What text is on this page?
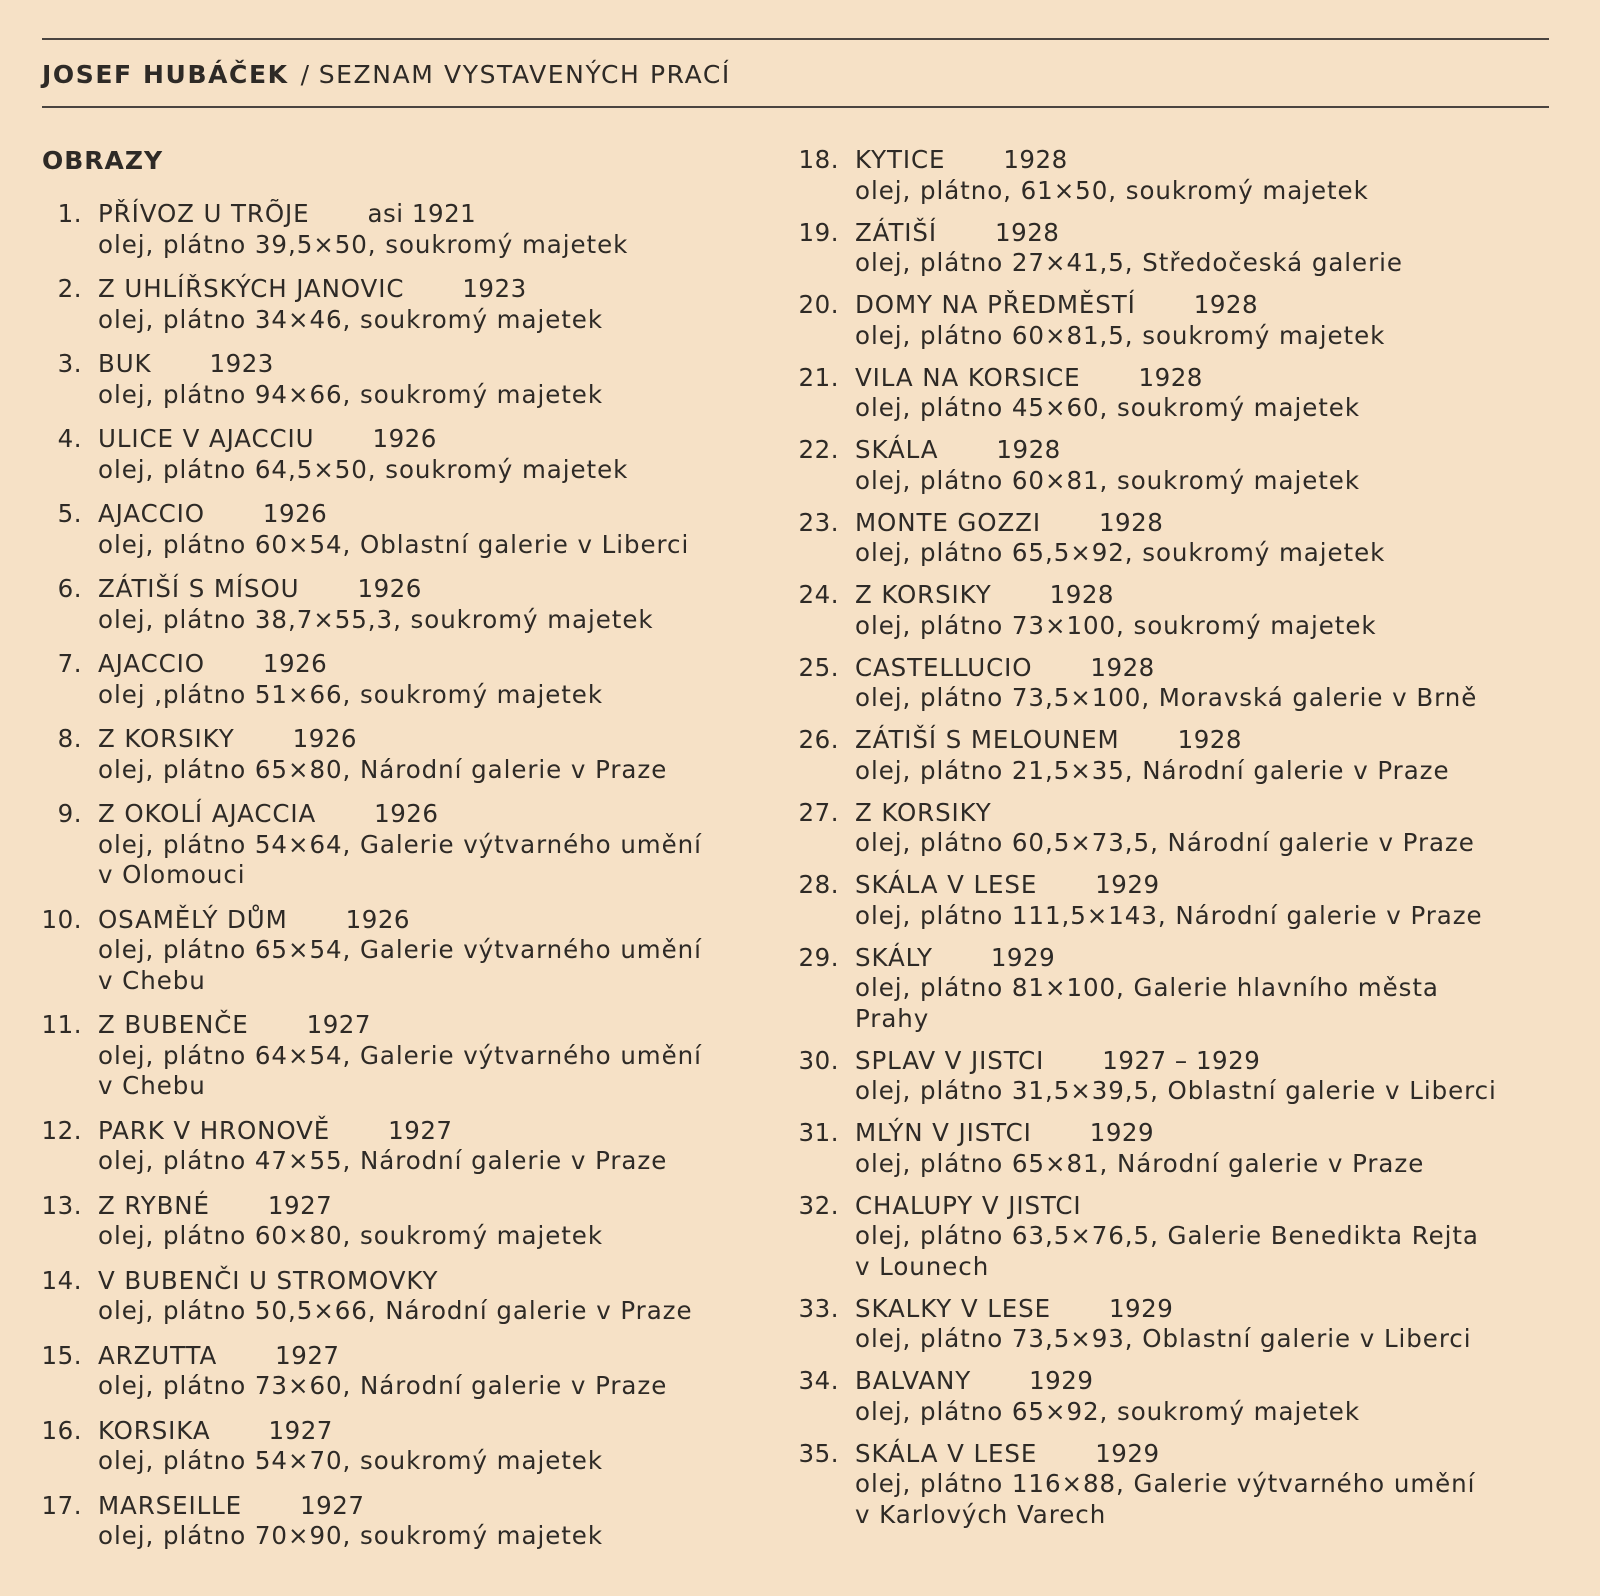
JOSEF HUBÁČEK / SEZNAM VYSTAVENÝCH PRACÍ
OBRAZY
1. PŘÍVOZ U TRÕJE asi 1921
olej, plátno 39,5×50, soukromý majetek
2. Z UHLÍŘSKÝCH JANOVIC 1923
olej, plátno 34×46, soukromý majetek
3. BUK 1923
olej, plátno 94×66, soukromý majetek
4. ULICE V AJACCIU 1926
olej, plátno 64,5×50, soukromý majetek
5. AJACCIO 1926
olej, plátno 60×54, Oblastní galerie v Liberci
6. ZÁTIŠÍ S MÍSOU 1926
olej, plátno 38,7×55,3, soukromý majetek
7. AJACCIO 1926
olej ,plátno 51×66, soukromý majetek
8. Z KORSIKY 1926
olej, plátno 65×80, Národní galerie v Praze
9. Z OKOLÍ AJACCIA 1926
olej, plátno 54×64, Galerie výtvarného umění
v Olomouci
10. OSAMĚLÝ DŮM 1926
olej, plátno 65×54, Galerie výtvarného umění
v Chebu
11. Z BUBENČE 1927
olej, plátno 64×54, Galerie výtvarného umění
v Chebu
12. PARK V HRONOVĚ 1927
olej, plátno 47×55, Národní galerie v Praze
13. Z RYBNÉ 1927
olej, plátno 60×80, soukromý majetek
14. V BUBENČI U STROMOVKY
olej, plátno 50,5×66, Národní galerie v Praze
15. ARZUTTA 1927
olej, plátno 73×60, Národní galerie v Praze
16. KORSIKA 1927
olej, plátno 54×70, soukromý majetek
17. MARSEILLE 1927
olej, plátno 70×90, soukromý majetek
18. KYTICE 1928
olej, plátno, 61×50, soukromý majetek
19. ZÁTIŠÍ 1928
olej, plátno 27×41,5, Středočeská galerie
20. DOMY NA PŘEDMĚSTÍ 1928
olej, plátno 60×81,5, soukromý majetek
21. VILA NA KORSICE 1928
olej, plátno 45×60, soukromý majetek
22. SKÁLA 1928
olej, plátno 60×81, soukromý majetek
23. MONTE GOZZI 1928
olej, plátno 65,5×92, soukromý majetek
24. Z KORSIKY 1928
olej, plátno 73×100, soukromý majetek
25. CASTELLUCIO 1928
olej, plátno 73,5×100, Moravská galerie v Brně
26. ZÁTIŠÍ S MELOUNEM 1928
olej, plátno 21,5×35, Národní galerie v Praze
27. Z KORSIKY
olej, plátno 60,5×73,5, Národní galerie v Praze
28. SKÁLA V LESE 1929
olej, plátno 111,5×143, Národní galerie v Praze
29. SKÁLY 1929
olej, plátno 81×100, Galerie hlavního města
Prahy
30. SPLAV V JISTCI 1927 – 1929
olej, plátno 31,5×39,5, Oblastní galerie v Liberci
31. MLÝN V JISTCI 1929
olej, plátno 65×81, Národní galerie v Praze
32. CHALUPY V JISTCI
olej, plátno 63,5×76,5, Galerie Benedikta Rejta
v Lounech
33. SKALKY V LESE 1929
olej, plátno 73,5×93, Oblastní galerie v Liberci
34. BALVANY 1929
olej, plátno 65×92, soukromý majetek
35. SKÁLA V LESE 1929
olej, plátno 116×88, Galerie výtvarného umění
v Karlových Varech
